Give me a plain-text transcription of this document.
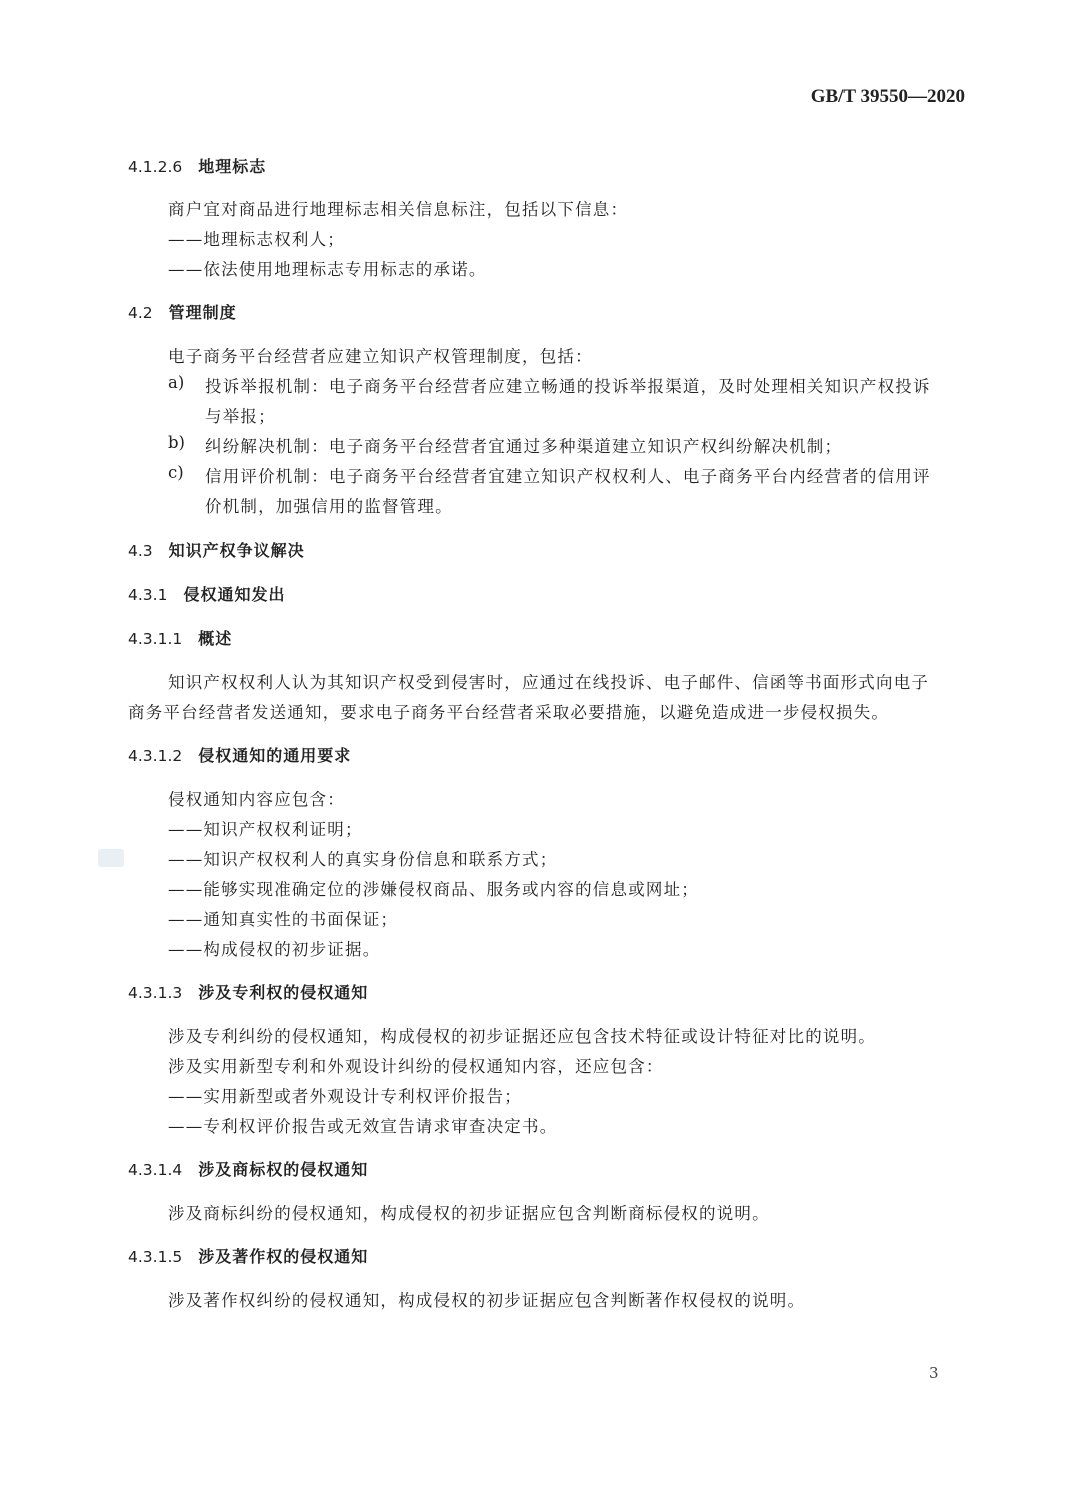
GB/T 39550—2020
4.1.2.6 地理标志
商户宜对商品进行地理标志相关信息标注，包括以下信息：
——地理标志权利人；
——依法使用地理标志专用标志的承诺。
4.2 管理制度
电子商务平台经营者应建立知识产权管理制度，包括：
a) 投诉举报机制：电子商务平台经营者应建立畅通的投诉举报渠道，及时处理相关知识产权投诉
与举报；
b) 纠纷解决机制：电子商务平台经营者宜通过多种渠道建立知识产权纠纷解决机制；
c) 信用评价机制：电子商务平台经营者宜建立知识产权权利人、电子商务平台内经营者的信用评
价机制，加强信用的监督管理。
4.3 知识产权争议解决
4.3.1 侵权通知发出
4.3.1.1 概述
知识产权权利人认为其知识产权受到侵害时，应通过在线投诉、电子邮件、信函等书面形式向电子
商务平台经营者发送通知，要求电子商务平台经营者采取必要措施，以避免造成进一步侵权损失。
4.3.1.2 侵权通知的通用要求
侵权通知内容应包含：
——知识产权权利证明；
——知识产权权利人的真实身份信息和联系方式；
——能够实现准确定位的涉嫌侵权商品、服务或内容的信息或网址；
——通知真实性的书面保证；
——构成侵权的初步证据。
4.3.1.3 涉及专利权的侵权通知
涉及专利纠纷的侵权通知，构成侵权的初步证据还应包含技术特征或设计特征对比的说明。
涉及实用新型专利和外观设计纠纷的侵权通知内容，还应包含：
——实用新型或者外观设计专利权评价报告；
——专利权评价报告或无效宣告请求审查决定书。
4.3.1.4 涉及商标权的侵权通知
涉及商标纠纷的侵权通知，构成侵权的初步证据应包含判断商标侵权的说明。
4.3.1.5 涉及著作权的侵权通知
涉及著作权纠纷的侵权通知，构成侵权的初步证据应包含判断著作权侵权的说明。
3
